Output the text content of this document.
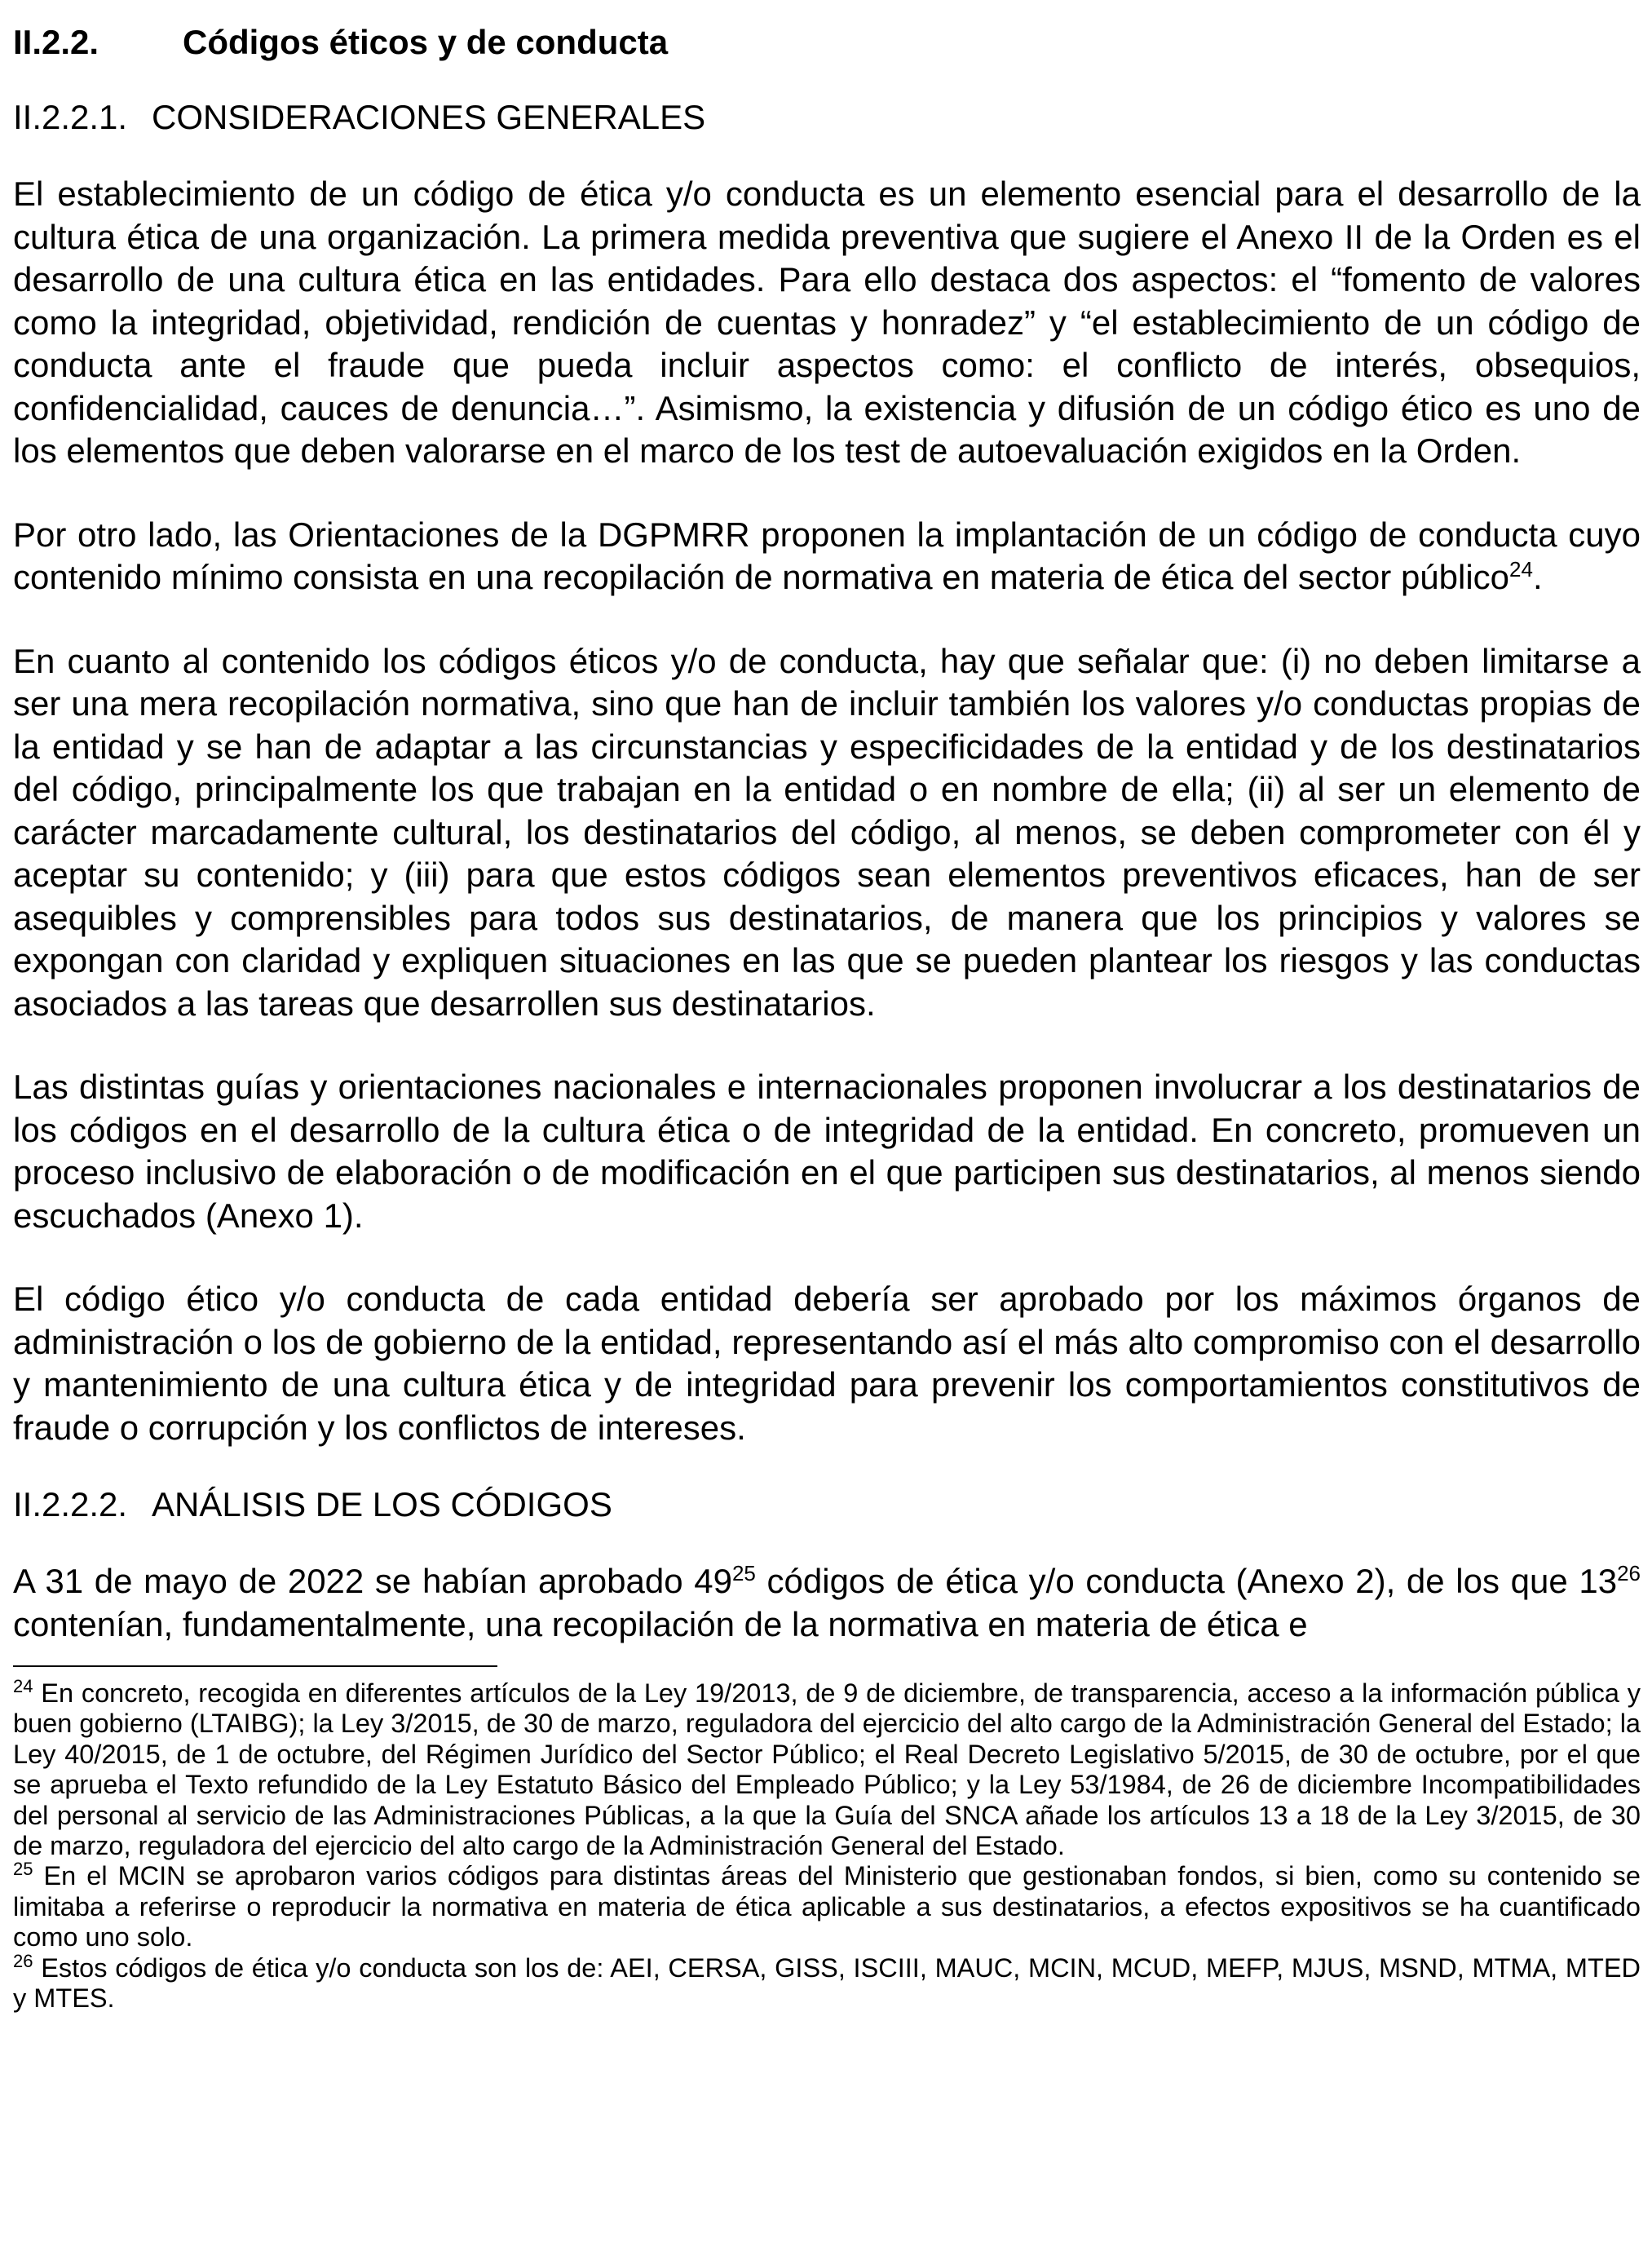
II.2.2. Códigos éticos y de conducta
II.2.2.1. CONSIDERACIONES GENERALES

El establecimiento de un código de ética y/o conducta es un elemento esencial para el desarrollo de la cultura ética de una organización. La primera medida preventiva que sugiere el Anexo II de la Orden es el desarrollo de una cultura ética en las entidades. Para ello destaca dos aspectos: el “fomento de valores como la integridad, objetividad, rendición de cuentas y honradez” y “el establecimiento de un código de conducta ante el fraude que pueda incluir aspectos como: el conflicto de interés, obsequios, confidencialidad, cauces de denuncia…”. Asimismo, la existencia y difusión de un código ético es uno de los elementos que deben valorarse en el marco de los test de autoevaluación exigidos en la Orden.

Por otro lado, las Orientaciones de la DGPMRR proponen la implantación de un código de conducta cuyo contenido mínimo consista en una recopilación de normativa en materia de ética del sector público$^{24}$.

En cuanto al contenido los códigos éticos y/o de conducta, hay que señalar que: (i) no deben limitarse a ser una mera recopilación normativa, sino que han de incluir también los valores y/o conductas propias de la entidad y se han de adaptar a las circunstancias y especificidades de la entidad y de los destinatarios del código, principalmente los que trabajan en la entidad o en nombre de ella; (ii) al ser un elemento de carácter marcadamente cultural, los destinatarios del código, al menos, se deben comprometer con él y aceptar su contenido; y (iii) para que estos códigos sean elementos preventivos eficaces, han de ser asequibles y comprensibles para todos sus destinatarios, de manera que los principios y valores se expongan con claridad y expliquen situaciones en las que se pueden plantear los riesgos y las conductas asociados a las tareas que desarrollen sus destinatarios.

Las distintas guías y orientaciones nacionales e internacionales proponen involucrar a los destinatarios de los códigos en el desarrollo de la cultura ética o de integridad de la entidad. En concreto, promueven un proceso inclusivo de elaboración o de modificación en el que participen sus destinatarios, al menos siendo escuchados (Anexo 1).

El código ético y/o conducta de cada entidad debería ser aprobado por los máximos órganos de administración o los de gobierno de la entidad, representando así el más alto compromiso con el desarrollo y mantenimiento de una cultura ética y de integridad para prevenir los comportamientos constitutivos de fraude o corrupción y los conflictos de intereses.

II.2.2.2. ANÁLISIS DE LOS CÓDIGOS

A 31 de mayo de 2022 se habían aprobado $49^{25}$ códigos de ética y/o conducta (Anexo 2), de los que $13^{26}$ contenían, fundamentalmente, una recopilación de la normativa en materia de ética e

$^{24}$ En concreto, recogida en diferentes artículos de la Ley 19/2013, de 9 de diciembre, de transparencia, acceso a la información pública y buen gobierno (LTAIBG); la Ley 3/2015, de 30 de marzo, reguladora del ejercicio del alto cargo de la Administración General del Estado; la Ley 40/2015, de 1 de octubre, del Régimen Jurídico del Sector Público; el Real Decreto Legislativo 5/2015, de 30 de octubre, por el que se aprueba el Texto refundido de la Ley Estatuto Básico del Empleado Público; y la Ley 53/1984, de 26 de diciembre Incompatibilidades del personal al servicio de las Administraciones Públicas, a la que la Guía del SNCA añade los artículos 13 a 18 de la Ley 3/2015, de 30 de marzo, reguladora del ejercicio del alto cargo de la Administración General del Estado.

$^{25}$ En el MCIN se aprobaron varios códigos para distintas áreas del Ministerio que gestionaban fondos, si bien, como su contenido se limitaba a referirse o reproducir la normativa en materia de ética aplicable a sus destinatarios, a efectos expositivos se ha cuantificado como uno solo.

$^{26}$ Estos códigos de ética y/o conducta son los de: AEI, CERSA, GISS, ISCIII, MAUC, MCIN, MCUD, MEFP, MJUS, MSND, MTMA, MTED y MTES.
